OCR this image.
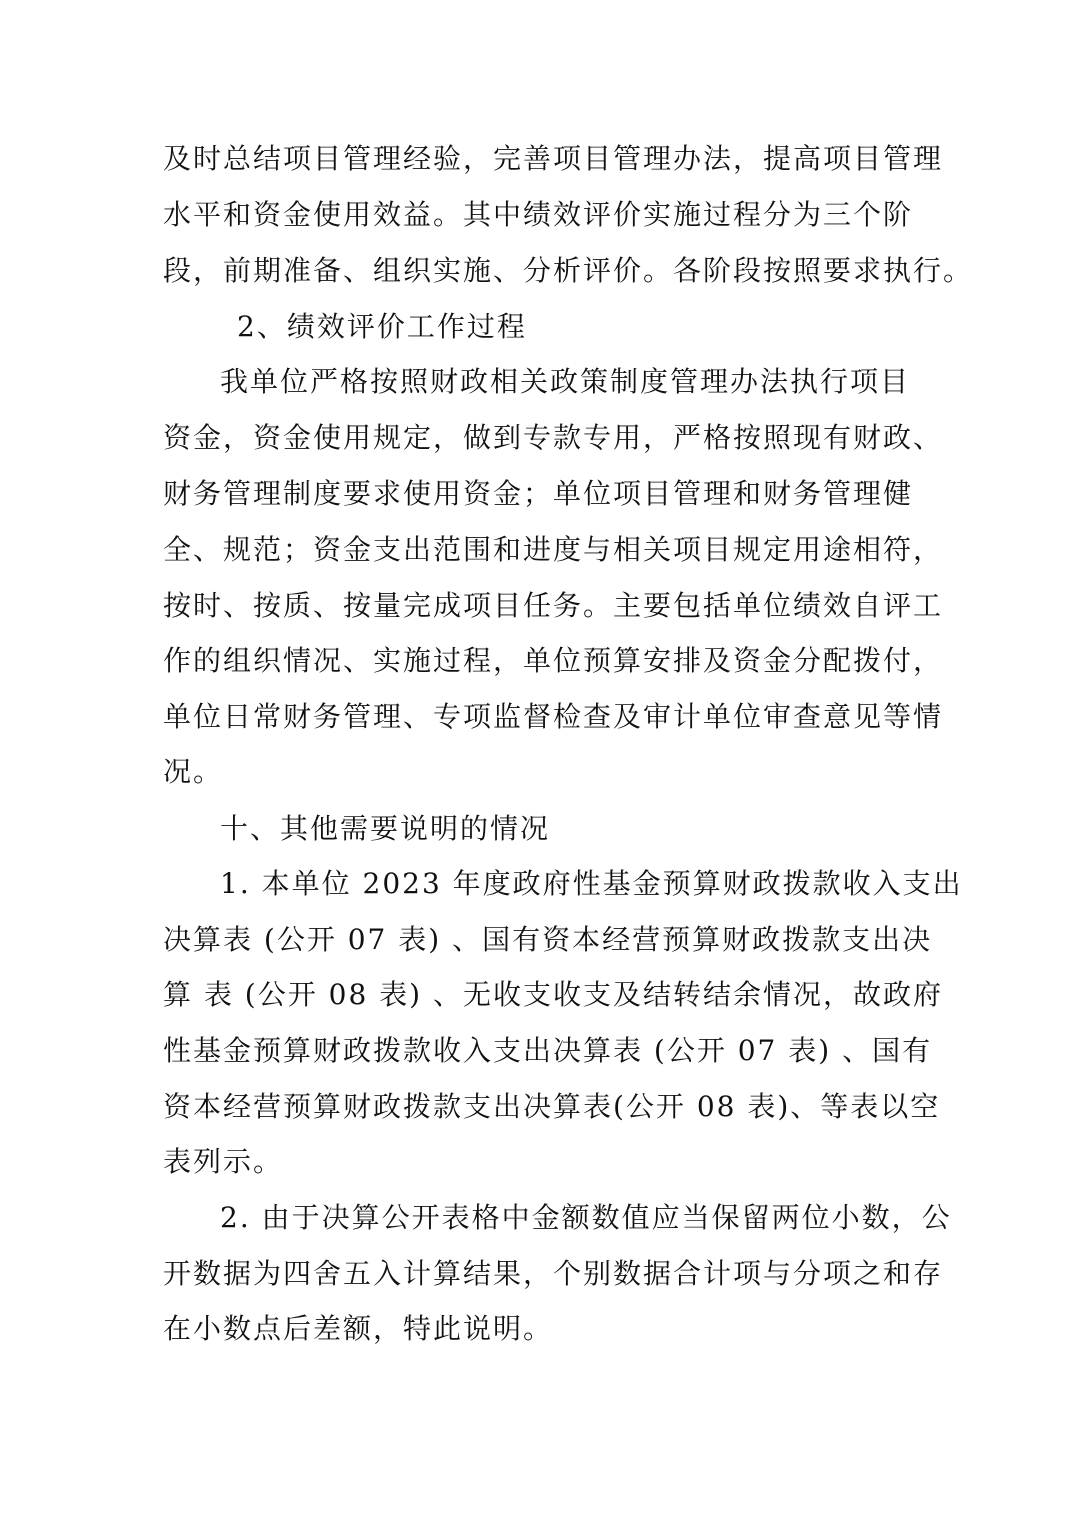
及时总结项目管理经验，完善项目管理办法，提高项目管理
水平和资金使用效益。其中绩效评价实施过程分为三个阶
段，前期准备、组织实施、分析评价。各阶段按照要求执行。
2、绩效评价工作过程
我单位严格按照财政相关政策制度管理办法执行项目
资金，资金使用规定，做到专款专用，严格按照现有财政、
财务管理制度要求使用资金；单位项目管理和财务管理健
全、规范；资金支出范围和进度与相关项目规定用途相符，
按时、按质、按量完成项目任务。主要包括单位绩效自评工
作的组织情况、实施过程，单位预算安排及资金分配拨付，
单位日常财务管理、专项监督检查及审计单位审查意见等情
况。
十、其他需要说明的情况
1. 本单位 2023 年度政府性基金预算财政拨款收入支出
决算表 (公开 07 表) 、国有资本经营预算财政拨款支出决
算 表 (公开 08 表) 、无收支收支及结转结余情况，故政府
性基金预算财政拨款收入支出决算表 (公开 07 表) 、国有
资本经营预算财政拨款支出决算表(公开 08 表)、等表以空
表列示。
2. 由于决算公开表格中金额数值应当保留两位小数，公
开数据为四舍五入计算结果，个别数据合计项与分项之和存
在小数点后差额，特此说明。
